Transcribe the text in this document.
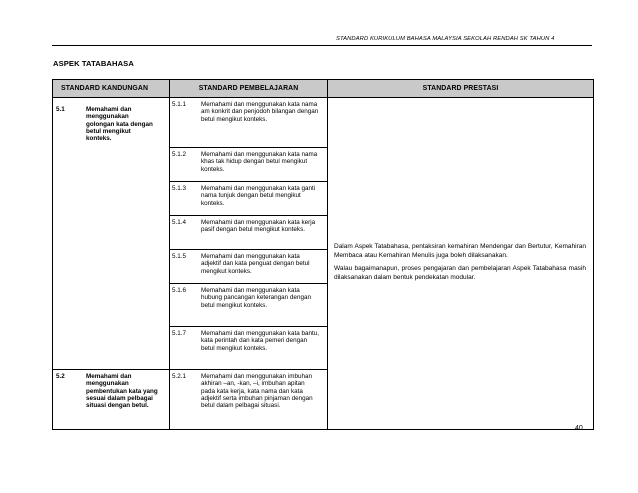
STANDARD KURIKULUM BAHASA MALAYSIA SEKOLAH RENDAH SK TAHUN 4
ASPEK TATABAHASA
STANDARD KANDUNGAN	STANDARD PEMBELAJARAN	STANDARD PRESTASI
5.1 Memahami dan menggunakan golongan kata dengan betul mengikut konteks.	5.1.1 Memahami dan menggunakan kata nama am konkrit dan penjodoh bilangan dengan betul mengikut konteks.	Dalam Aspek Tatabahasa, pentaksiran kemahiran Mendengar dan Bertutur, Kemahiran Membaca atau Kemahiran Menulis juga boleh dilaksanakan.

Walau bagaimanapun, proses pengajaran dan pembelajaran Aspek Tatabahasa masih dilaksanakan dalam bentuk pendekatan modular.

	5.1.2 Memahami dan menggunakan kata nama khas tak hidup dengan betul mengikut konteks.	
	5.1.3 Memahami dan menggunakan kata ganti nama tunjuk dengan betul mengikut konteks.	
	5.1.4 Memahami dan menggunakan kata kerja pasif dengan betul mengikut konteks.	
	5.1.5 Memahami dan menggunakan kata adjektif dan kata penguat dengan betul mengikut konteks.	
	5.1.6 Memahami dan menggunakan kata hubung pancangan keterangan dengan betul mengikut konteks.	
	5.1.7 Memahami dan menggunakan kata bantu, kata perintah dan kata pemeri dengan betul mengikut konteks.	
5.2 Memahami dan menggunakan pembentukan kata yang sesuai dalam pelbagai situasi dengan betul.	5.2.1 Memahami dan menggunakan imbuhan akhiran –an, -kan, –i, imbuhan apitan pada kata kerja, kata nama dan kata adjektif serta imbuhan pinjaman dengan betul dalam pelbagai situasi.	
40
